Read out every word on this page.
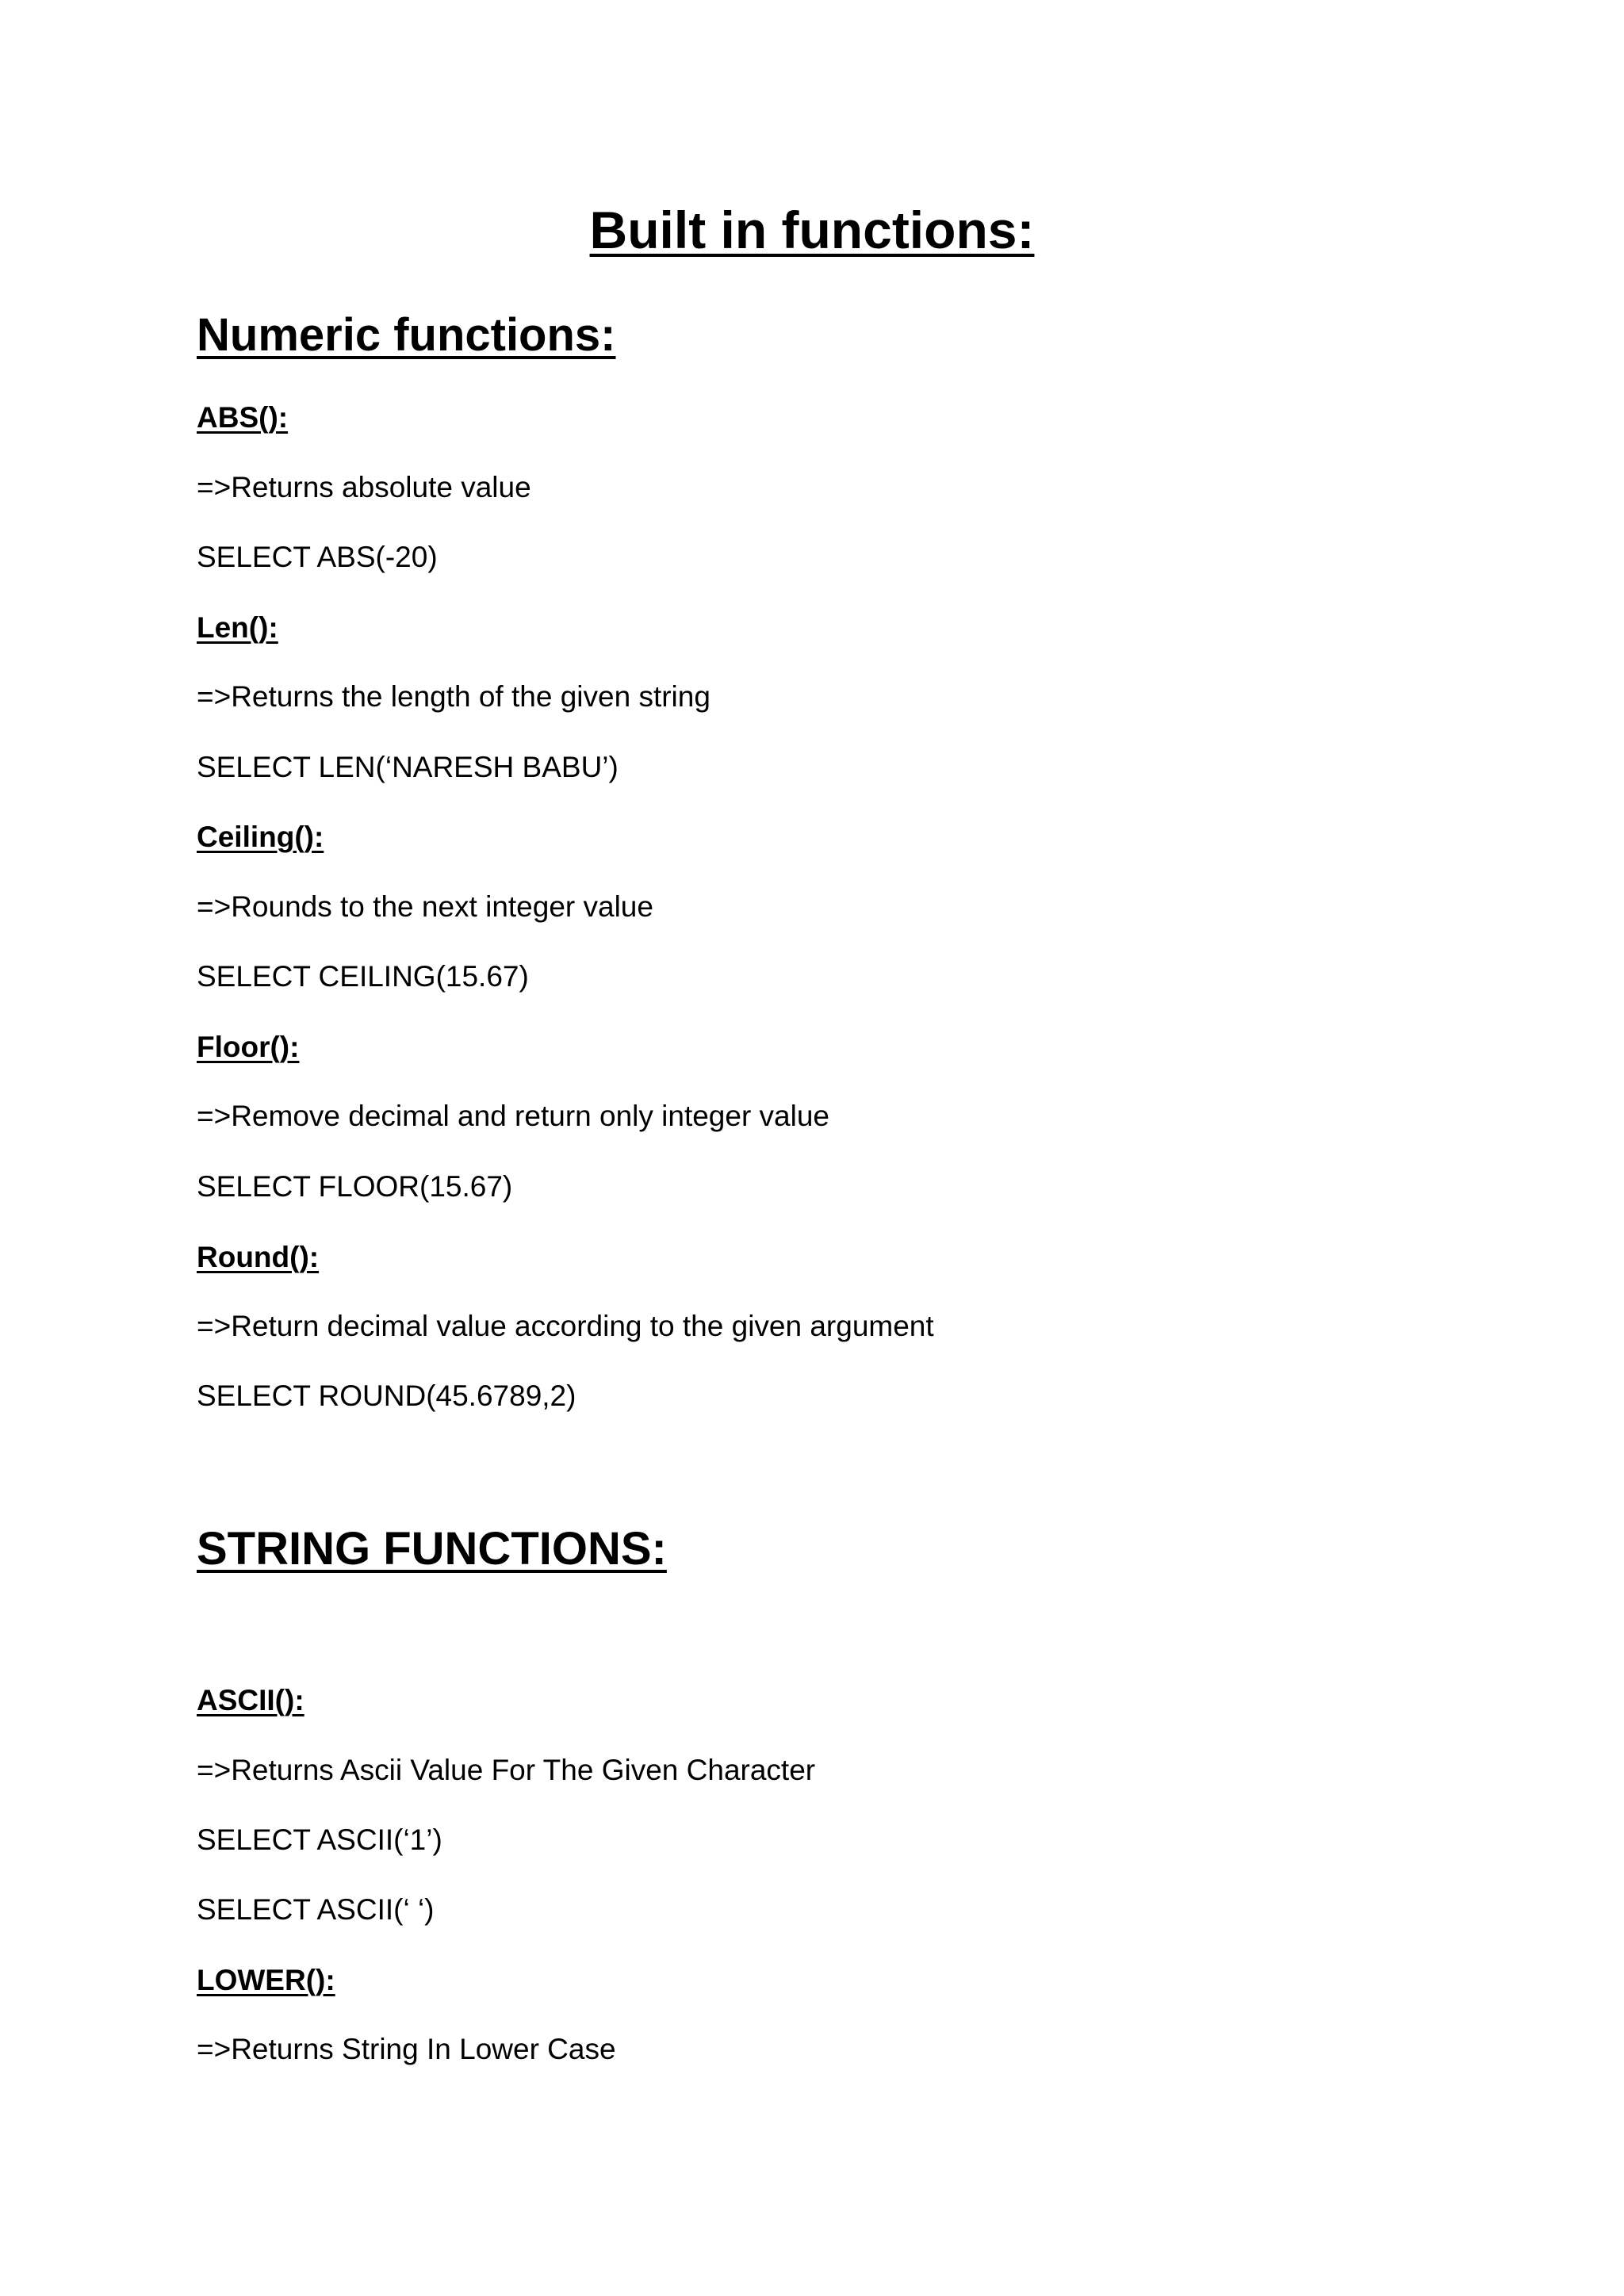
Built in functions:
Numeric functions:
ABS():
=>Returns absolute value
SELECT ABS(-20)
Len():
=>Returns the length of the given string
SELECT LEN(‘NARESH BABU’)
Ceiling():
=>Rounds to the next integer value
SELECT CEILING(15.67)
Floor():
=>Remove decimal and return only integer value
SELECT FLOOR(15.67)
Round():
=>Return decimal value according to the given argument
SELECT ROUND(45.6789,2)
STRING FUNCTIONS:
ASCII():
=>Returns Ascii Value For The Given Character
SELECT ASCII(‘1’)
SELECT ASCII(‘ ‘)
LOWER():
=>Returns String In Lower Case
